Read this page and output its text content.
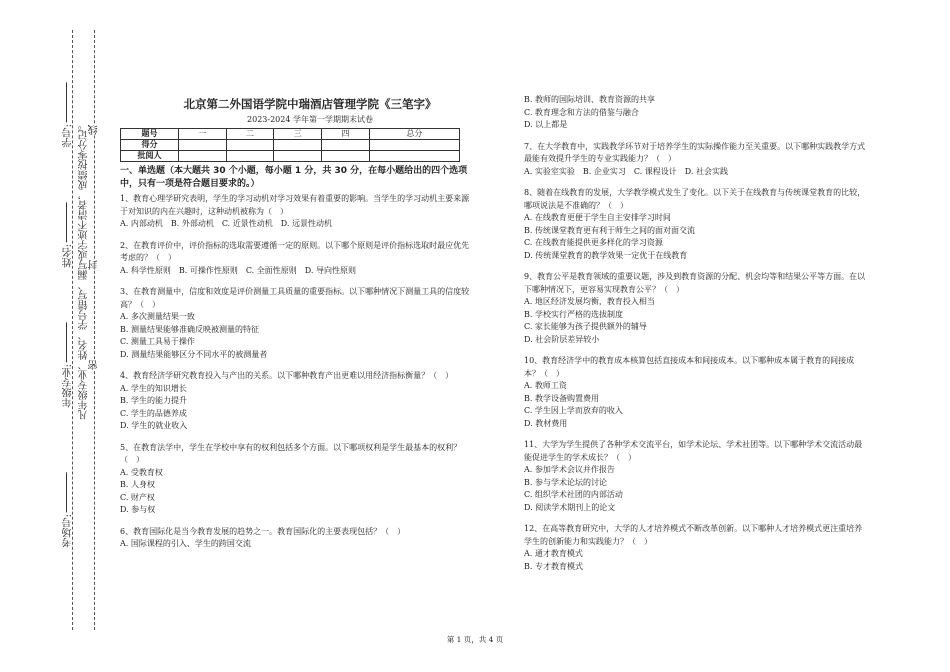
学号:
姓名:
年级专业:
考场号:
凡年级专业、姓名、学号错写、漏写或字迹不清者，成绩按零分记。 密
封
线
北京第二外国语学院中瑞酒店管理学院《三笔字》
2023-2024 学年第一学期期末试卷
题号	一	二	三	四	总分
得分					
批阅人					
一、单选题（本大题共 30 个小题，每小题 1 分，共 30 分，在每小题给出的四个选项中，只有一项是符合题目要求的。）
1、教育心理学研究表明，学生的学习动机对学习效果有着重要的影响。当学生的学习动机主要来源于对知识的内在兴趣时，这种动机被称为（　）
A. 内部动机 B. 外部动机 C. 近景性动机 D. 远景性动机
2、在教育评价中，评价指标的选取需要遵循一定的原则。以下哪个原则是评价指标选取时最应优先考虑的？（　）
A. 科学性原则 B. 可操作性原则 C. 全面性原则 D. 导向性原则
3、在教育测量中，信度和效度是评价测量工具质量的重要指标。以下哪种情况下测量工具的信度较高？（　）
A. 多次测量结果一致
B. 测量结果能够准确反映被测量的特征
C. 测量工具易于操作
D. 测量结果能够区分不同水平的被测量者
4、教育经济学研究教育投入与产出的关系。以下哪种教育产出更难以用经济指标衡量？（　）
A. 学生的知识增长
B. 学生的能力提升
C. 学生的品德养成
D. 学生的就业收入
5、在教育法学中，学生在学校中享有的权利包括多个方面。以下哪项权利是学生最基本的权利？（　）
A. 受教育权
B. 人身权
C. 财产权
D. 参与权
6、教育国际化是当今教育发展的趋势之一。教育国际化的主要表现包括？（　）
A. 国际课程的引入、学生的跨国交流
B. 教师的国际培训、教育资源的共享
C. 教育理念和方法的借鉴与融合
D. 以上都是
7、在大学教育中，实践教学环节对于培养学生的实际操作能力至关重要。以下哪种实践教学方式最能有效提升学生的专业实践能力？（　）
A. 实验室实验 B. 企业实习 C. 课程设计 D. 社会实践
8、随着在线教育的发展，大学教学模式发生了变化。以下关于在线教育与传统课堂教育的比较，哪项说法是不准确的？（　）
A. 在线教育更便于学生自主安排学习时间
B. 传统课堂教育更有利于师生之间的面对面交流
C. 在线教育能提供更多样化的学习资源
D. 传统课堂教育的教学效果一定优于在线教育
9、教育公平是教育领域的重要议题，涉及到教育资源的分配、机会均等和结果公平等方面。在以下哪种情况下，更容易实现教育公平？（　）
A. 地区经济发展均衡，教育投入相当
B. 学校实行严格的选拔制度
C. 家长能够为孩子提供额外的辅导
D. 社会阶层差异较小
10、教育经济学中的教育成本核算包括直接成本和间接成本。以下哪种成本属于教育的间接成本？（　）
A. 教师工资
B. 教学设备购置费用
C. 学生因上学而放弃的收入
D. 教材费用
11、大学为学生提供了各种学术交流平台，如学术论坛、学术社团等。以下哪种学术交流活动最能促进学生的学术成长？（　）
A. 参加学术会议并作报告
B. 参与学术论坛的讨论
C. 组织学术社团的内部活动
D. 阅读学术期刊上的论文
12、在高等教育研究中，大学的人才培养模式不断改革创新。以下哪种人才培养模式更注重培养学生的创新能力和实践能力？（　）
A. 通才教育模式
B. 专才教育模式
第 1 页，共 4 页
